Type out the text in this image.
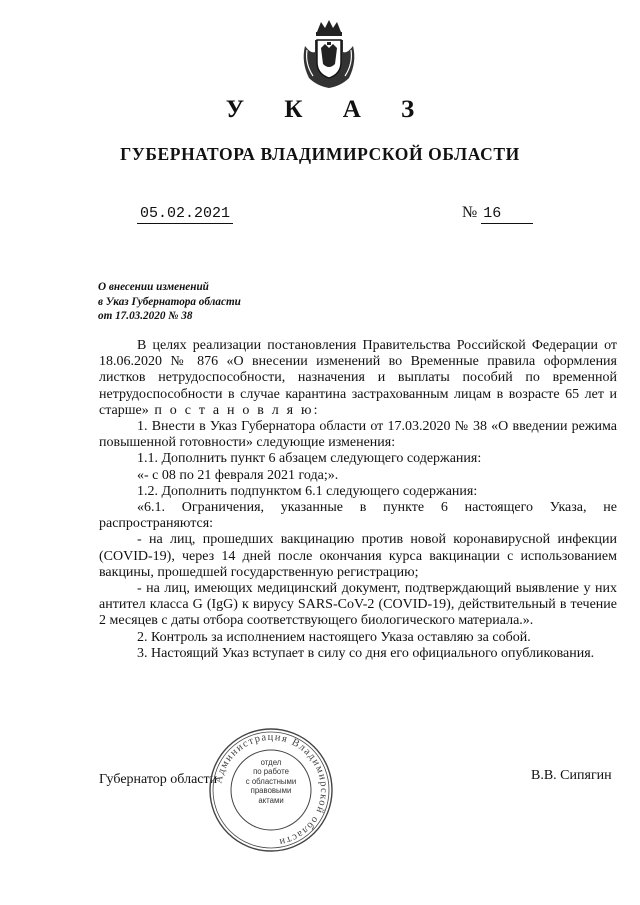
У К А З
ГУБЕРНАТОРА ВЛАДИМИРСКОЙ ОБЛАСТИ
05.02.2021	№ 16
О внесении изменений
в Указ Губернатора области
от 17.03.2020 № 38

В целях реализации постановления Правительства Российской Федерации от 18.06.2020 № 876 «О внесении изменений во Временные правила оформления листков нетрудоспособности, назначения и выплаты пособий по временной нетрудоспособности в случае карантина застрахованным лицам в возрасте 65 лет и старше» п о с т а н о в л я ю:

1. Внести в Указ Губернатора области от 17.03.2020 № 38 «О введении режима повышенной готовности» следующие изменения:

1.1. Дополнить пункт 6 абзацем следующего содержания:

«- с 08 по 21 февраля 2021 года;».

1.2. Дополнить подпунктом 6.1 следующего содержания:

«6.1. Ограничения, указанные в пункте 6 настоящего Указа, не распространяются:

- на лиц, прошедших вакцинацию против новой коронавирусной инфекции (COVID-19), через 14 дней после окончания курса вакцинации с использованием вакцины, прошедшей государственную регистрацию;

- на лиц, имеющих медицинский документ, подтверждающий выявление у них антител класса G (IgG) к вирусу SARS-CoV-2 (COVID-19), действительный в течение 2 месяцев с даты отбора соответствующего биологического материала.».

2. Контроль за исполнением настоящего Указа оставляю за собой.

3. Настоящий Указ вступает в силу со дня его официального опубликования.

Губернатор области	В.В. Сипягин
Администрация Владимирской области
отдел
по работе
с областными
правовыми
актами
